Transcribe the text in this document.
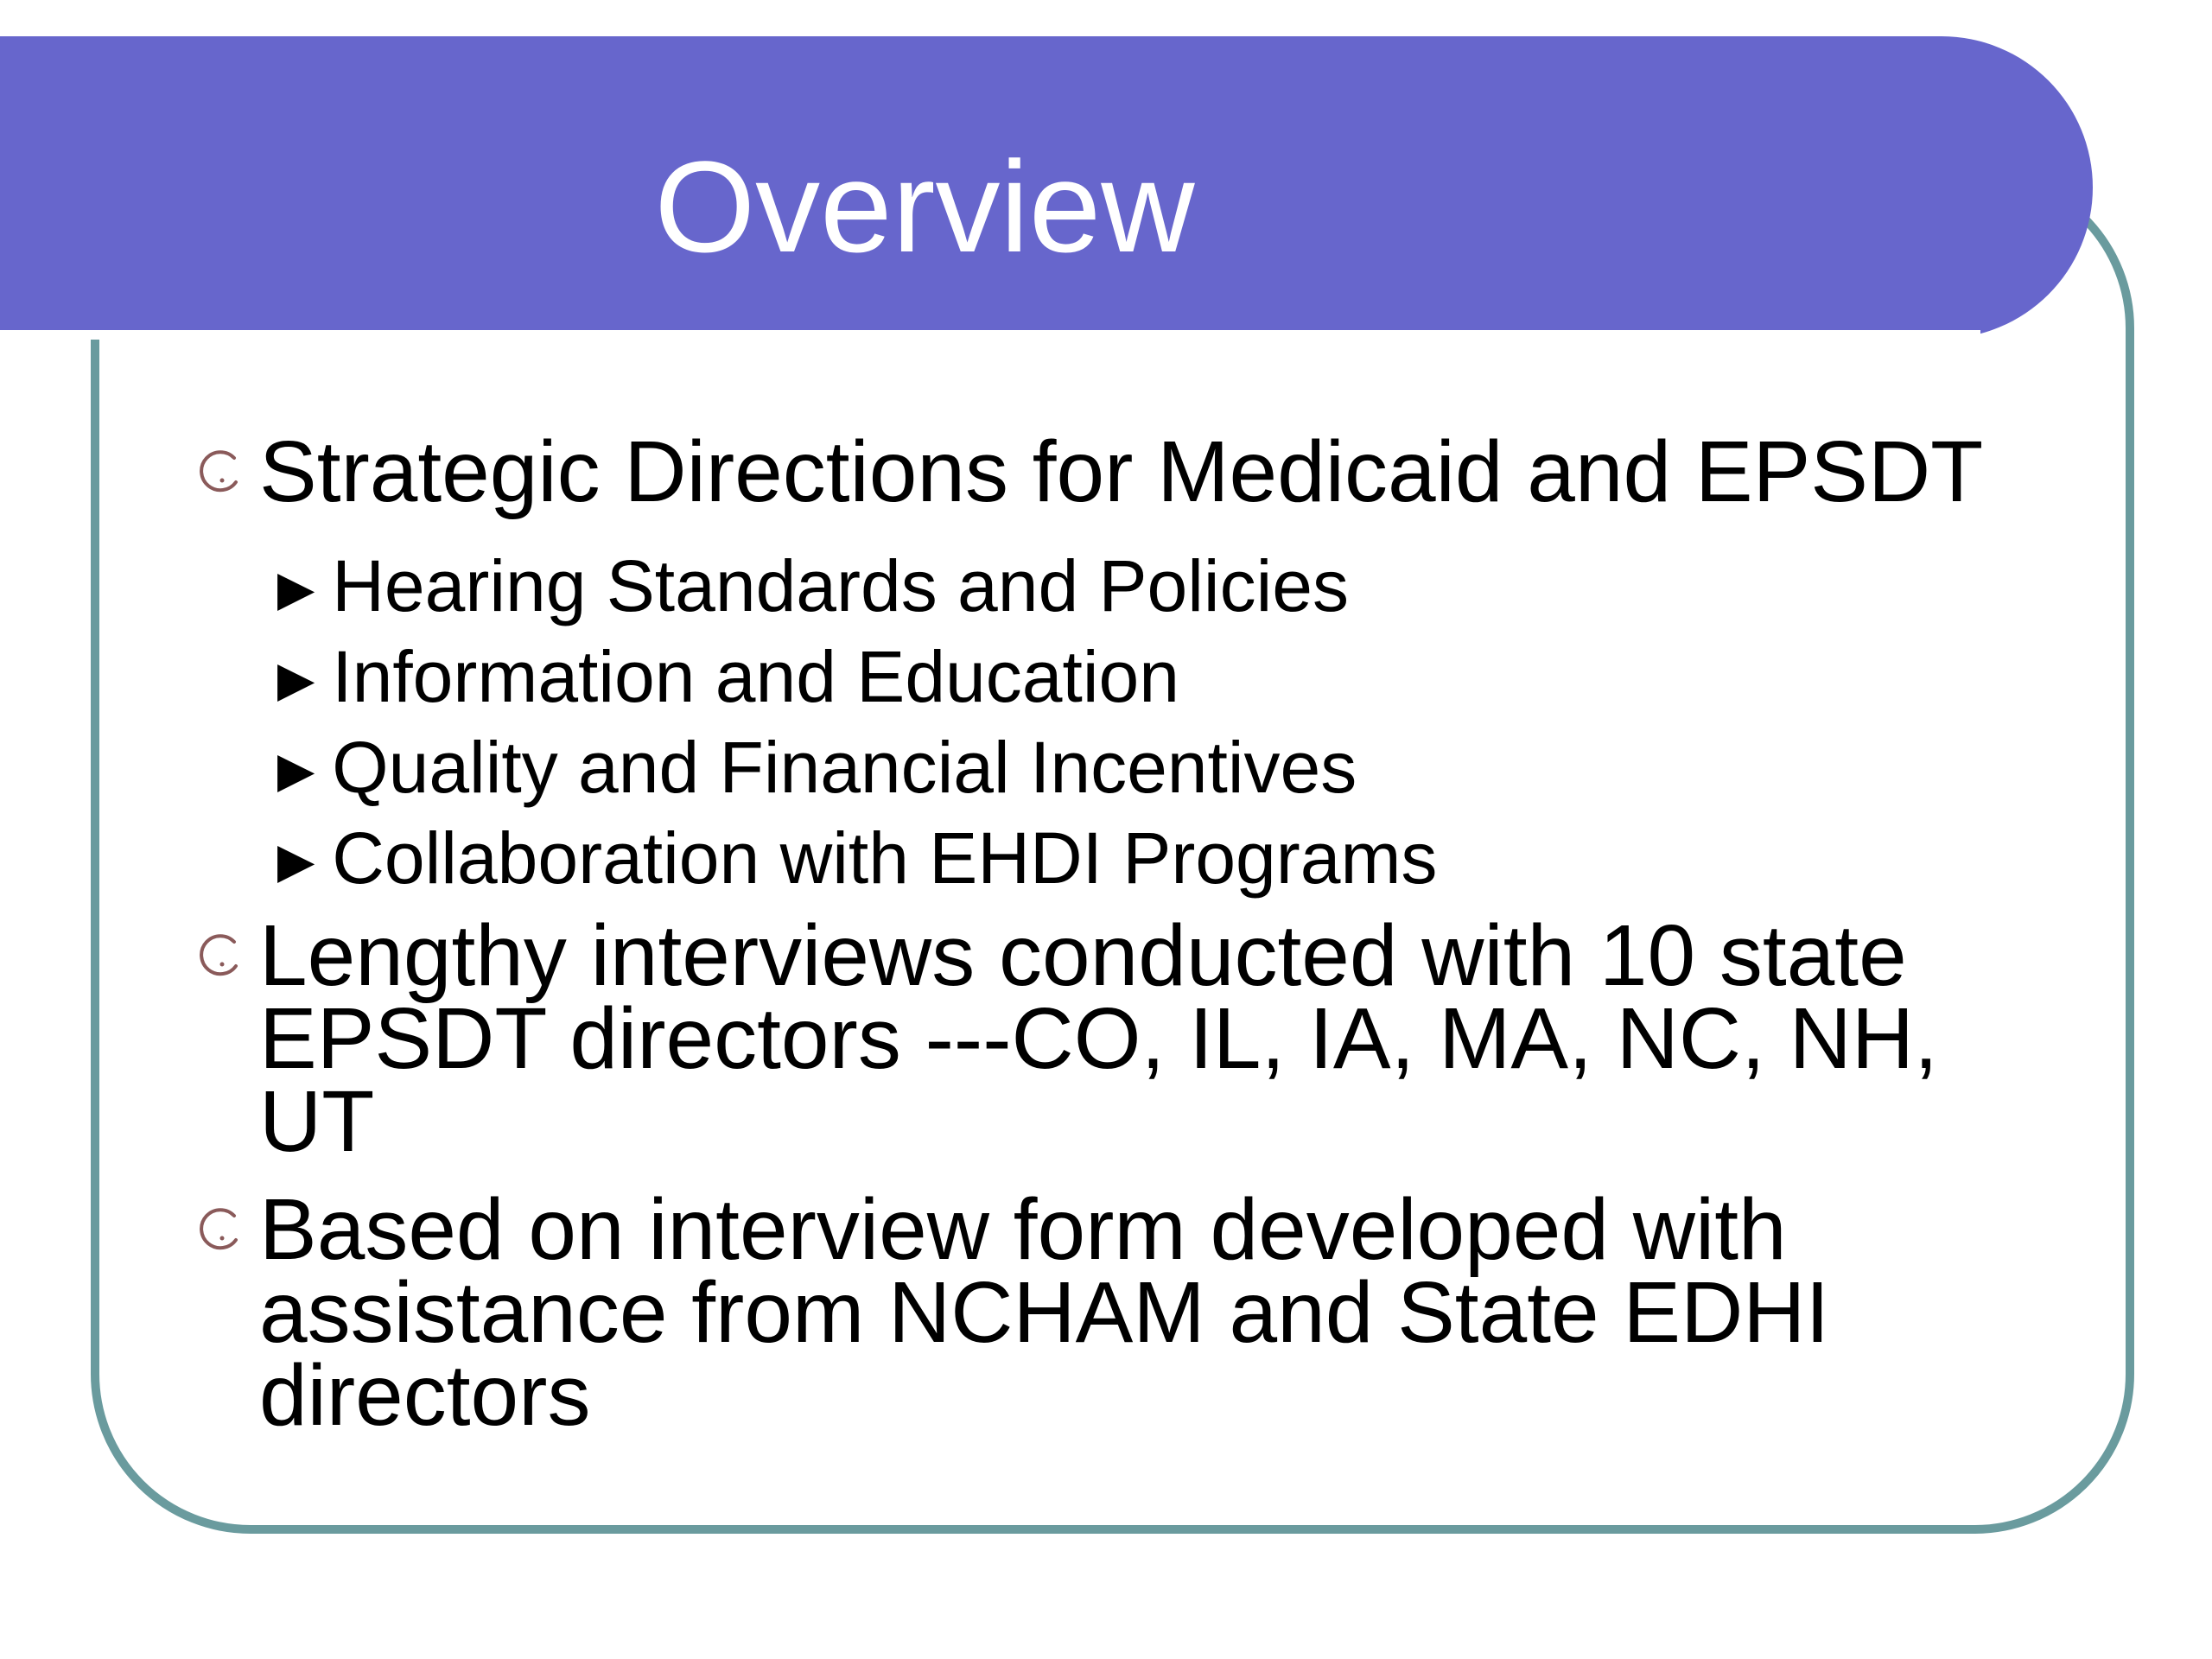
Overview
Strategic Directions for Medicaid and EPSDT
►Hearing Standards and Policies
►Information and Education
►Quality and Financial Incentives
►Collaboration with EHDI Programs
Lengthy interviews conducted with 10 state EPSDT directors ---CO, IL, IA, MA, NC, NH, UT
Based on interview form developed with assistance from NCHAM and State EDHI directors
